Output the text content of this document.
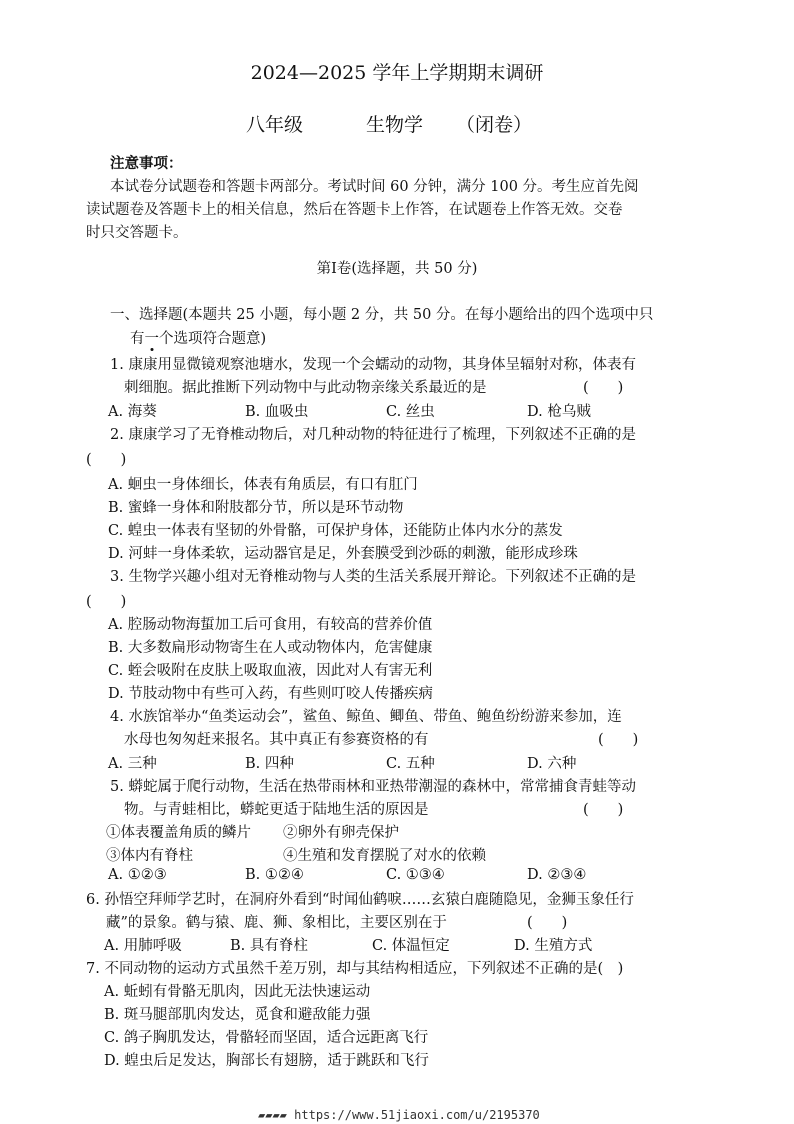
2024—2025 学年上学期期末调研
八年级	生物学 （闭卷）
注意事项：
本试卷分试题卷和答题卡两部分。考试时间 60 分钟，满分 100 分。考生应首先阅
读试题卷及答题卡上的相关信息，然后在答题卡上作答，在试题卷上作答无效。交卷
时只交答题卡。
第Ⅰ卷(选择题，共 50 分)
一、选择题(本题共 25 小题，每小题 2 分，共 50 分。在每小题给出的四个选项中只
有一个选项符合题意)
1. 康康用显微镜观察池塘水，发现一个会蠕动的动物，其身体呈辐射对称，体表有
刺细胞。据此推断下列动物中与此动物亲缘关系最近的是	(　　)
A. 海葵	B. 血吸虫	C. 丝虫	D. 枪乌贼
2. 康康学习了无脊椎动物后，对几种动物的特征进行了梳理，下列叙述不正确的是
(　　)
A. 蛔虫一身体细长，体表有角质层，有口有肛门
B. 蜜蜂一身体和附肢都分节，所以是环节动物
C. 蝗虫一体表有坚韧的外骨骼，可保护身体，还能防止体内水分的蒸发
D. 河蚌一身体柔软，运动器官是足，外套膜受到沙砾的刺激，能形成珍珠
3. 生物学兴趣小组对无脊椎动物与人类的生活关系展开辩论。下列叙述不正确的是
(　　)
A. 腔肠动物海蜇加工后可食用，有较高的营养价值
B. 大多数扁形动物寄生在人或动物体内，危害健康
C. 蛭会吸附在皮肤上吸取血液，因此对人有害无利
D. 节肢动物中有些可入药，有些则叮咬人传播疾病
4. 水族馆举办“鱼类运动会”，鲨鱼、鲸鱼、鲫鱼、带鱼、鲍鱼纷纷游来参加，连
水母也匆匆赶来报名。其中真正有参赛资格的有	(　　)
A. 三种	B. 四种	C. 五种	D. 六种
5. 蟒蛇属于爬行动物，生活在热带雨林和亚热带潮湿的森林中，常常捕食青蛙等动
物。与青蛙相比，蟒蛇更适于陆地生活的原因是	(　　)
①体表覆盖角质的鳞片 ②卵外有卵壳保护
③体内有脊柱	④生殖和发育摆脱了对水的依赖
A. ①②③	B. ①②④	C. ①③④	D. ②③④
6. 孙悟空拜师学艺时，在洞府外看到“时闻仙鹤唳……玄猿白鹿随隐见，金狮玉象任行
藏”的景象。鹤与猿、鹿、狮、象相比，主要区别在于	(　　)
A. 用肺呼吸	B. 具有脊柱	C. 体温恒定	D. 生殖方式
7. 不同动物的运动方式虽然千差万别，却与其结构相适应，下列叙述不正确的是(　)
A. 蚯蚓有骨骼无肌肉，因此无法快速运动
B. 斑马腿部肌肉发达，觅食和避敌能力强
C. 鸽子胸肌发达，骨骼轻而坚固，适合远距离飞行
D. 蝗虫后足发达，胸部长有翅膀，适于跳跃和飞行
▰▰▰▰ https://www.51jiaoxi.com/u/2195370
